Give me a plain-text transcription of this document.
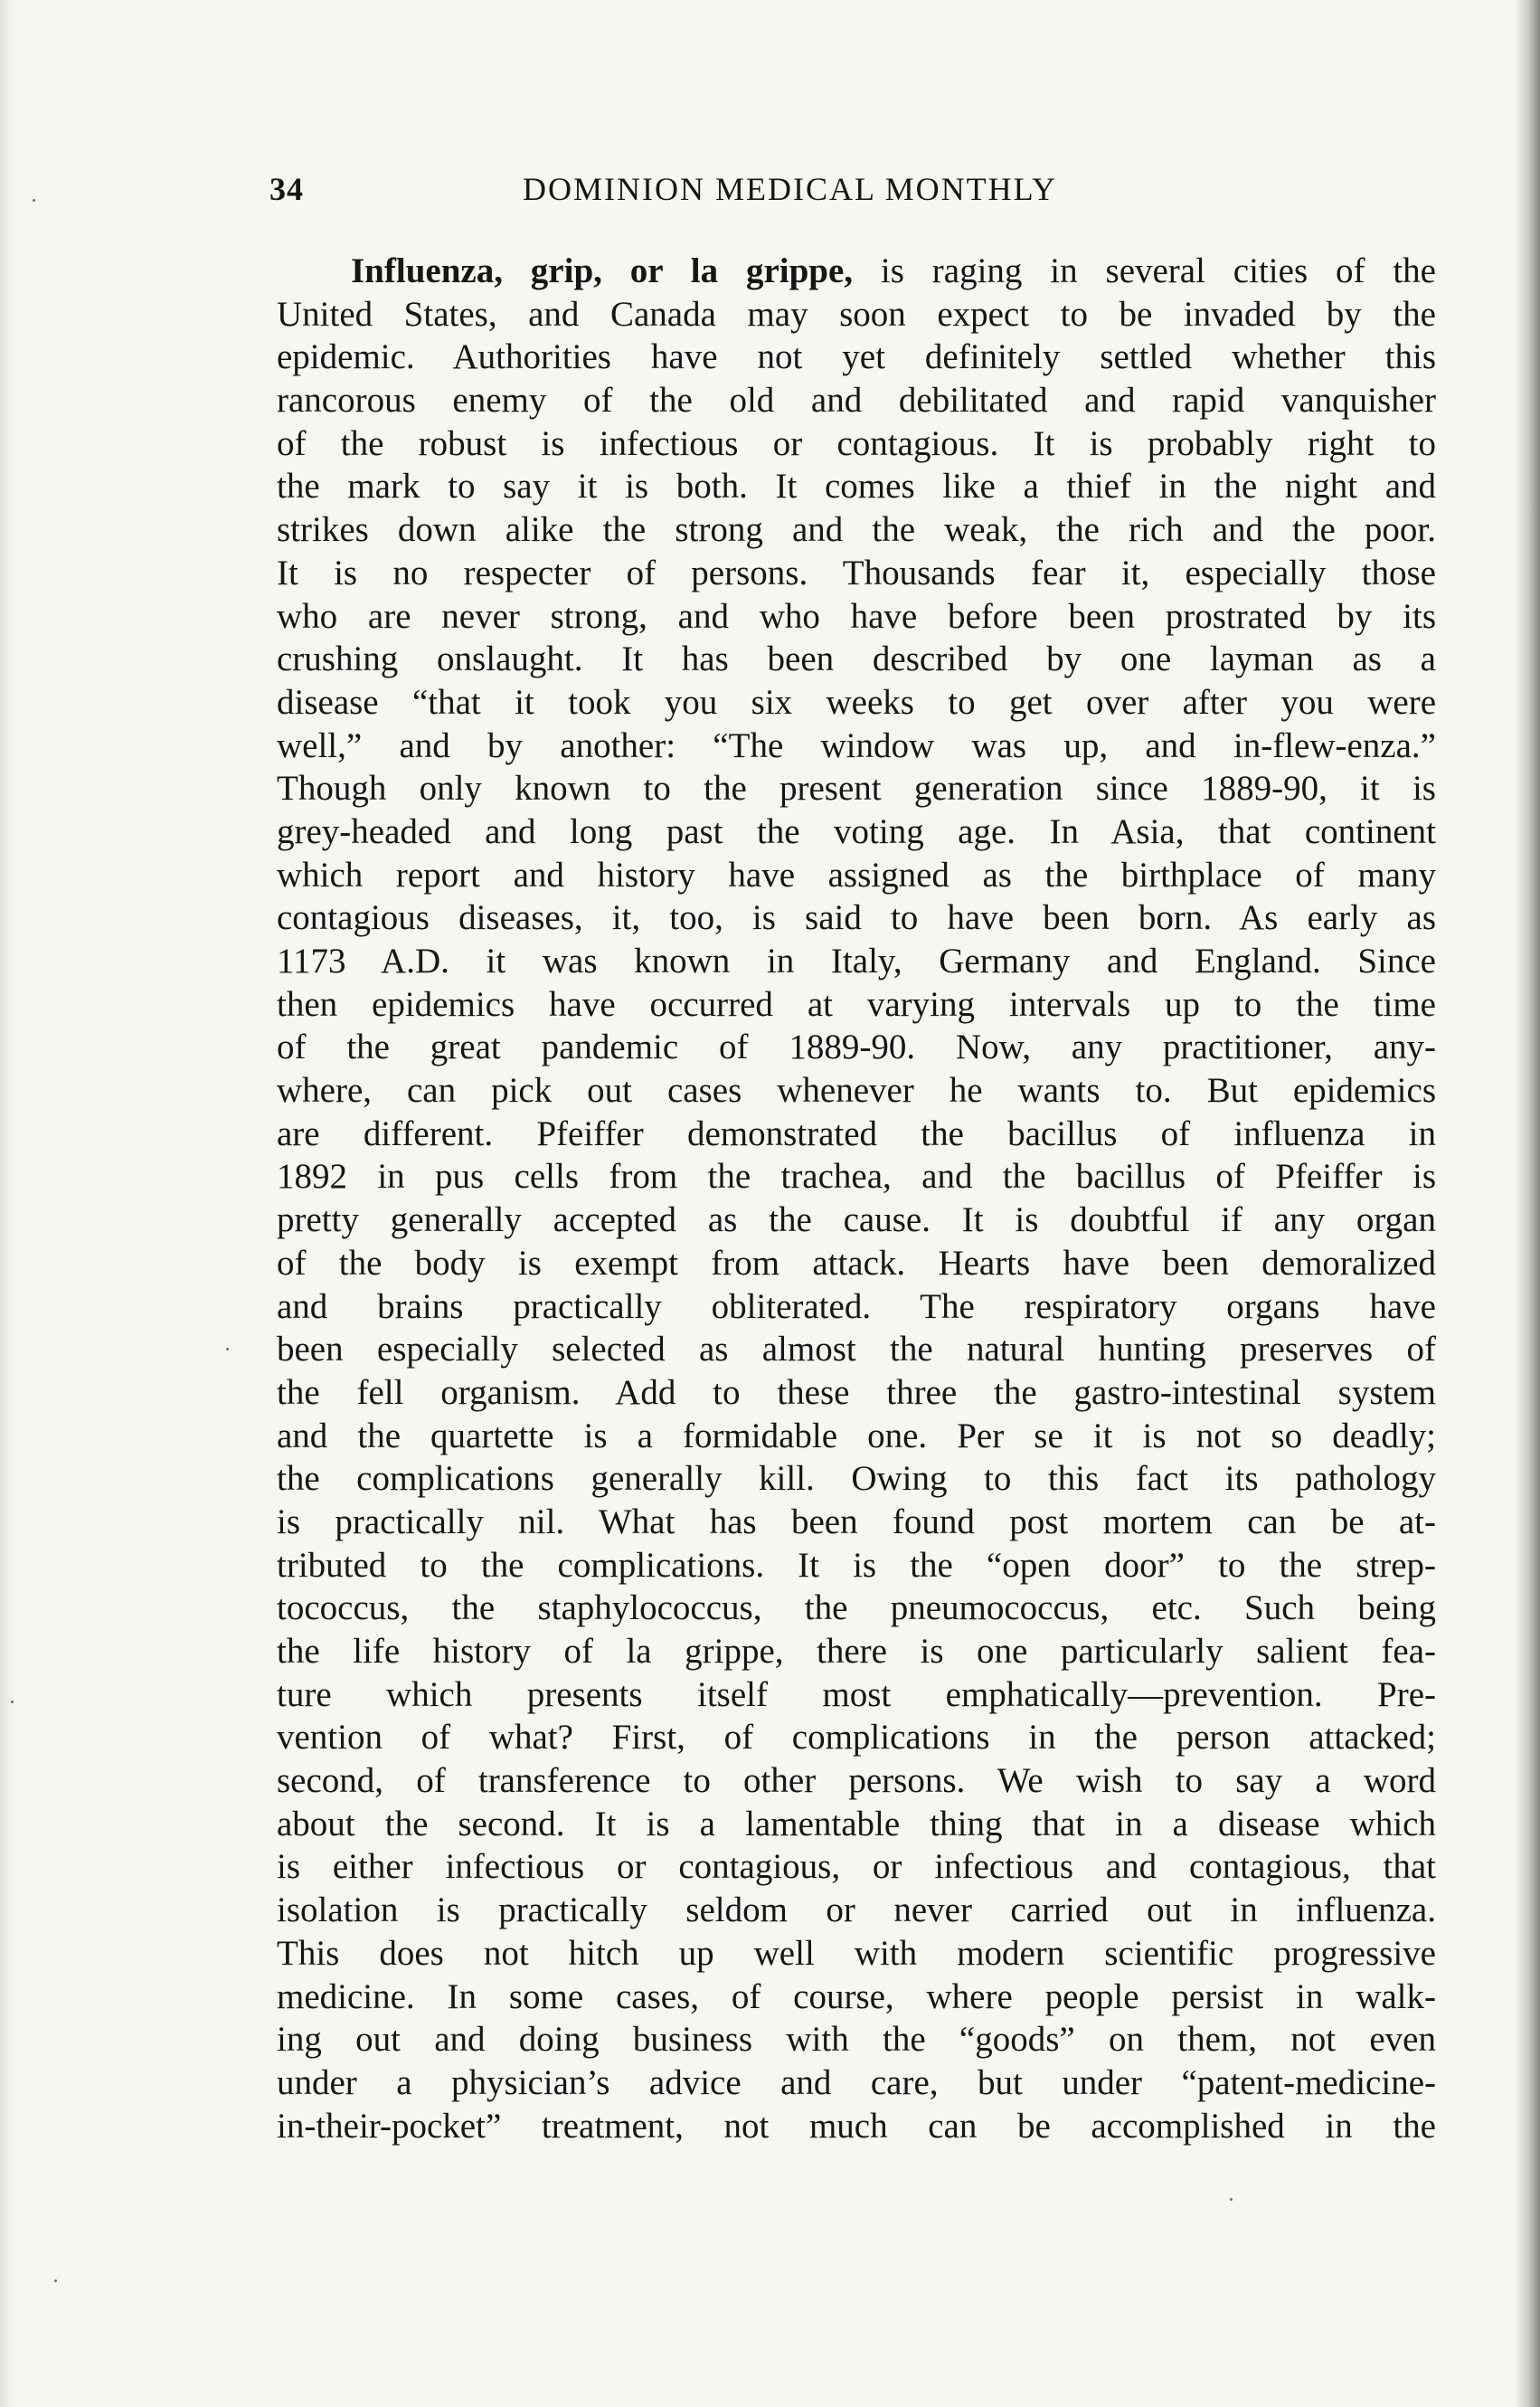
34	DOMINION MEDICAL MONTHLY
Influenza, grip, or la grippe, is raging in several cities of the
United States, and Canada may soon expect to be invaded by the
epidemic. Authorities have not yet definitely settled whether this
rancorous enemy of the old and debilitated and rapid vanquisher
of the robust is infectious or contagious. It is probably right to
the mark to say it is both. It comes like a thief in the night and
strikes down alike the strong and the weak, the rich and the poor.
It is no respecter of persons. Thousands fear it, especially those
who are never strong, and who have before been prostrated by its
crushing onslaught. It has been described by one layman as a
disease “that it took you six weeks to get over after you were
well,” and by another: “The window was up, and in-flew-enza.”
Though only known to the present generation since 1889-90, it is
grey-headed and long past the voting age. In Asia, that continent
which report and history have assigned as the birthplace of many
contagious diseases, it, too, is said to have been born. As early as
1173 A.D. it was known in Italy, Germany and England. Since
then epidemics have occurred at varying intervals up to the time
of the great pandemic of 1889-90. Now, any practitioner, any-
where, can pick out cases whenever he wants to. But epidemics
are different. Pfeiffer demonstrated the bacillus of influenza in
1892 in pus cells from the trachea, and the bacillus of Pfeiffer is
pretty generally accepted as the cause. It is doubtful if any organ
of the body is exempt from attack. Hearts have been demoralized
and brains practically obliterated. The respiratory organs have
been especially selected as almost the natural hunting preserves of
the fell organism. Add to these three the gastro-intestinal system
and the quartette is a formidable one. Per se it is not so deadly;
the complications generally kill. Owing to this fact its pathology
is practically nil. What has been found post mortem can be at-
tributed to the complications. It is the “open door” to the strep-
tococcus, the staphylococcus, the pneumococcus, etc. Such being
the life history of la grippe, there is one particularly salient fea-
ture which presents itself most emphatically—prevention. Pre-
vention of what? First, of complications in the person attacked;
second, of transference to other persons. We wish to say a word
about the second. It is a lamentable thing that in a disease which
is either infectious or contagious, or infectious and contagious, that
isolation is practically seldom or never carried out in influenza.
This does not hitch up well with modern scientific progressive
medicine. In some cases, of course, where people persist in walk-
ing out and doing business with the “goods” on them, not even
under a physician’s advice and care, but under “patent-medicine-
in-their-pocket” treatment, not much can be accomplished in the
